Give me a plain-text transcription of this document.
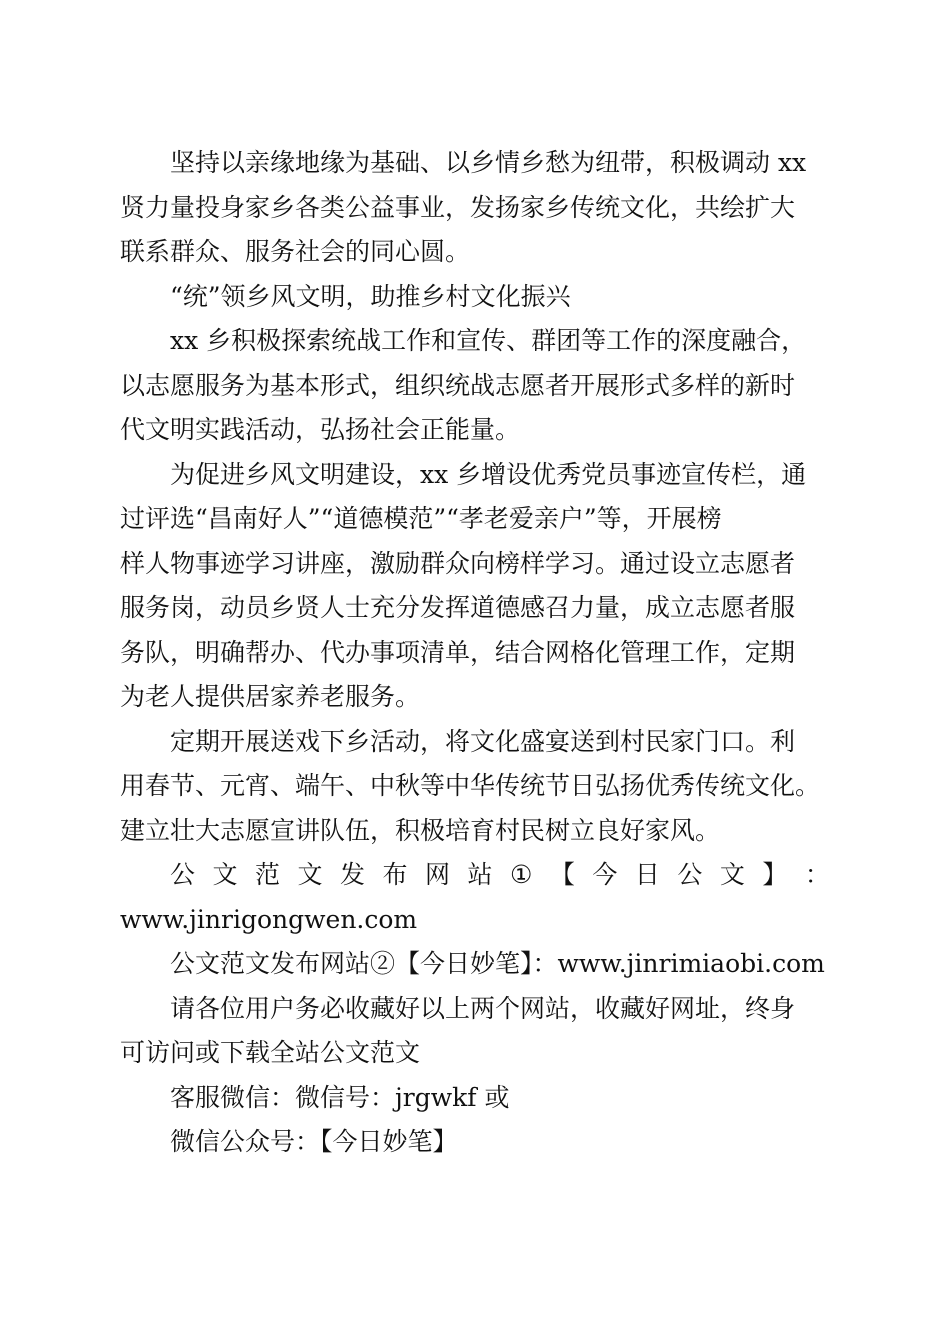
坚持以亲缘地缘为基础、以乡情乡愁为纽带，积极调动 xx
贤力量投身家乡各类公益事业，发扬家乡传统文化，共绘扩大
联系群众、服务社会的同心圆。
“统”领乡风文明，助推乡村文化振兴
xx 乡积极探索统战工作和宣传、群团等工作的深度融合，
以志愿服务为基本形式，组织统战志愿者开展形式多样的新时
代文明实践活动，弘扬社会正能量。
为促进乡风文明建设，xx 乡增设优秀党员事迹宣传栏，通
过评选“昌南好人”“道德模范”“孝老爱亲户”等，开展榜
样人物事迹学习讲座，激励群众向榜样学习。通过设立志愿者
服务岗，动员乡贤人士充分发挥道德感召力量，成立志愿者服
务队，明确帮办、代办事项清单，结合网格化管理工作，定期
为老人提供居家养老服务。
定期开展送戏下乡活动，将文化盛宴送到村民家门口。利
用春节、元宵、端午、中秋等中华传统节日弘扬优秀传统文化。
建立壮大志愿宣讲队伍，积极培育村民树立良好家风。
公 文 范 文 发 布 网 站 ① 【 今 日 公 文 】 ：
www.jinrigongwen.com
公文范文发布网站②【今日妙笔】：www.jinrimiaobi.com
请各位用户务必收藏好以上两个网站，收藏好网址，终身
可访问或下载全站公文范文
客服微信：微信号：jrgwkf 或
微信公众号：【今日妙笔】
